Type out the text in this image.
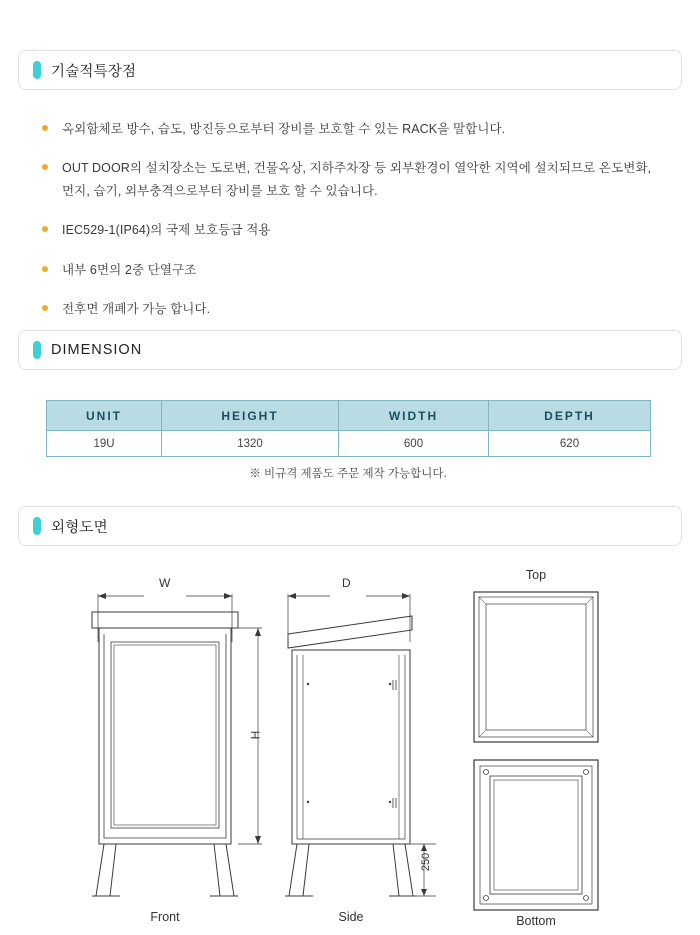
기술적특장점
옥외함체로 방수, 습도, 방진등으로부터 장비를 보호할 수 있는 RACK을 말합니다.
OUT DOOR의 설치장소는 도로변, 건물옥상, 지하주차장 등 외부환경이 열악한 지역에 설치되므로 온도변화, 먼지, 습기, 외부충격으로부터 장비를 보호 할 수 있습니다.
IEC529-1(IP64)의 국제 보호등급 적용
내부 6면의 2중 단열구조
전후면 개폐가 가능 합니다.
DIMENSION
UNIT	HEIGHT	WIDTH	DEPTH
19U	1320	600	620
※ 비규격 제품도 주문 제작 가능합니다.
외형도면
W	D
H
250
Front	Side
Top
Bottom
